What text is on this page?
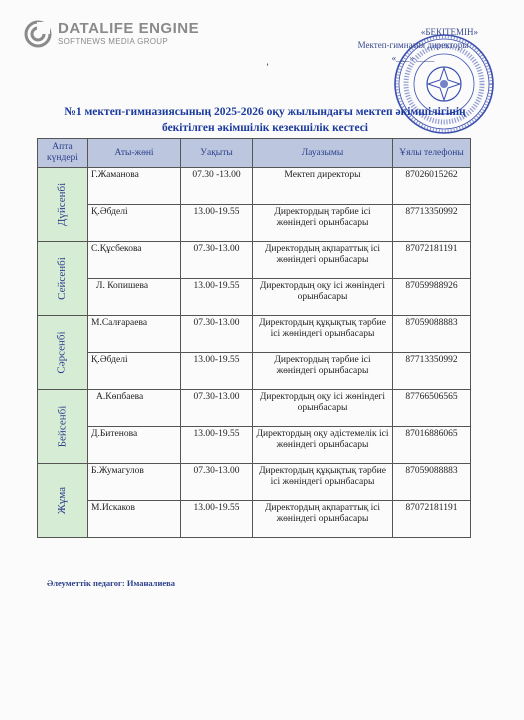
DATALIFE ENGINE
SOFTNEWS MEDIA GROUP
«БЕКІТЕМІН»
Мектеп-гимназия директоры
«___» ____
ʼ
№1 мектеп-гимназиясының 2025-2026 оқу жылындағы мектеп әкімшілігінің
бекітілген әкімшілік кезекшілік кестесі
Апта күндері	Аты-жөні	Уақыты	Лауазымы	Ұялы телефоны
Дүйсенбі	Г.Жаманова	07.30 -13.00	Мектеп директоры	87026015262
	Қ.Әбделі	13.00-19.55	Директордың тәрбие ісі жөніндегі орынбасары	87713350992
Сейсенбі	С.Құсбекова	07.30-13.00	Директордың ақпараттық ісі жөніндегі орынбасары	87072181191
	Л. Копишева	13.00-19.55	Директордың оқу ісі жөніндегі орынбасары	87059988926
Сәрсенбі	М.Салғараева	07.30-13.00	Директордың құқықтық тәрбие ісі жөніндегі орынбасары	87059088883
	Қ.Әбделі	13.00-19.55	Директордың тәрбие ісі жөніндегі орынбасары	87713350992
Бейсенбі	А.Көпбаева	07.30-13.00	Директордың оқу ісі жөніндегі орынбасары	87766506565
	Д.Битенова	13.00-19.55	Директордың оқу әдістемелік ісі жөніндегі орынбасары	87016886065
Жұма	Б.Жумагулов	07.30-13.00	Директордың құқықтық тәрбие ісі жөніндегі орынбасары	87059088883
	М.Искаков	13.00-19.55	Директордың ақпараттық ісі жөніндегі орынбасары	87072181191
Әлеуметтік педагог: Иманалиева
